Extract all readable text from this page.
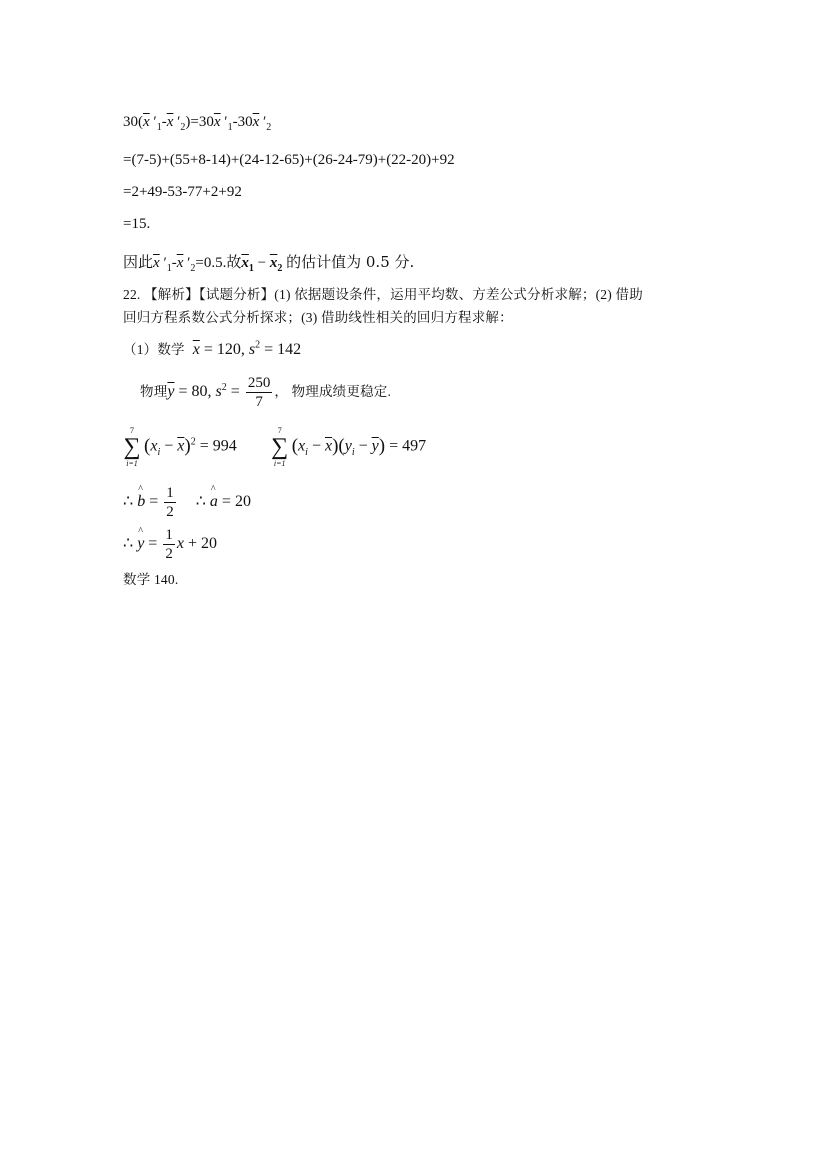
$30(\overline{x}$ $'_1-\overline{x}$ $'_2)=30\overline{x}$ $'_1-30\overline{x}$ $'_2$
=(7-5)+(55+8-14)+(24-12-65)+(26-24-79)+(22-20)+92
=2+49-53-77+2+92
=15.
因此$\overline{x}$ $'_1-\overline{x}$ $'_2=0.5$.故$\overline{x}_1 - \overline{x}_2$ 的估计值为 0.5 分.
22. 【解析】【试题分析】(1) 依据题设条件，运用平均数、方差公式分析求解；(2) 借助
回归方程系数公式分析探求；(3) 借助线性相关的回归方程求解：
（1）数学 $\overline{x} = 120$, $s^2 = 142$
物理$\overline{y} = 80$, $s^2 = \frac{250}{7}$ ， 物理成绩更稳定.
7
∑
i=1
$(x_i - \overline{x})^2 = 994$
7
∑
i=1
$(x_i - \overline{x})(y_i - \overline{y}) = 497$
∴ ^ $b = \frac{1}{2}$ ∴ ^ a = 20
∴ ^ $y = \frac{1}{2}$ x + 20
数学 140.
